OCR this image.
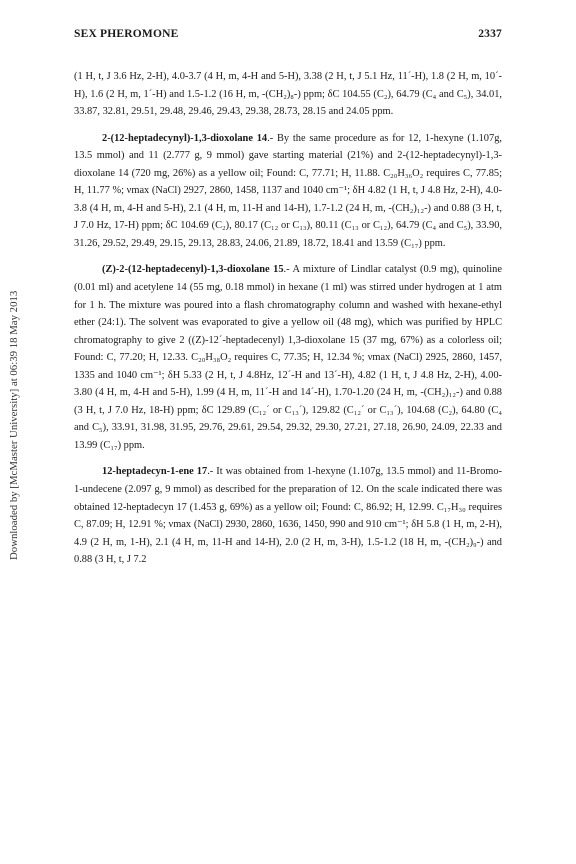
Downloaded by [McMaster University] at 06:39 18 May 2013
SEX PHEROMONE	2337

(1 H, t, J 3.6 Hz, 2-H), 4.0-3.7 (4 H, m, 4-H and 5-H), 3.38 (2 H, t, J 5.1 Hz, 11´-H), 1.8 (2 H, m, 10´-H), 1.6 (2 H, m, 1´-H) and 1.5-1.2 (16 H, m, -(CH₂)₈-) ppm; δC 104.55 (C₂), 64.79 (C₄ and C₅), 34.01, 33.87, 32.81, 29.51, 29.48, 29.46, 29.43, 29.38, 28.73, 28.15 and 24.05 ppm.

2-(12-heptadecynyl)-1,3-dioxolane 14.- By the same procedure as for 12, 1-hexyne (1.107g, 13.5 mmol) and 11 (2.777 g, 9 mmol) gave starting material (21%) and 2-(12-heptadecynyl)-1,3-dioxolane 14 (720 mg, 26%) as a yellow oil; Found: C, 77.71; H, 11.88. C₂₀H₃₆O₂ requires C, 77.85; H, 11.77 %; νmax (NaCl) 2927, 2860, 1458, 1137 and 1040 cm⁻¹; δH 4.82 (1 H, t, J 4.8 Hz, 2-H), 4.0-3.8 (4 H, m, 4-H and 5-H), 2.1 (4 H, m, 11-H and 14-H), 1.7-1.2 (24 H, m, -(CH₂)₁₂-) and 0.88 (3 H, t, J 7.0 Hz, 17-H) ppm; δC 104.69 (C₂), 80.17 (C₁₂ or C₁₃), 80.11 (C₁₃ or C₁₂), 64.79 (C₄ and C₅), 33.90, 31.26, 29.52, 29.49, 29.15, 29.13, 28.83, 24.06, 21.89, 18.72, 18.41 and 13.59 (C₁₇) ppm.

(Z)-2-(12-heptadecenyl)-1,3-dioxolane 15.- A mixture of Lindlar catalyst (0.9 mg), quinoline (0.01 ml) and acetylene 14 (55 mg, 0.18 mmol) in hexane (1 ml) was stirred under hydrogen at 1 atm for 1 h. The mixture was poured into a flash chromatography column and washed with hexane-ethyl ether (24:1). The solvent was evaporated to give a yellow oil (48 mg), which was purified by HPLC chromatography to give 2 ((Z)-12´-heptadecenyl) 1,3-dioxolane 15 (37 mg, 67%) as a colorless oil; Found: C, 77.20; H, 12.33. C₂₀H₃₈O₂ requires C, 77.35; H, 12.34 %; νmax (NaCl) 2925, 2860, 1457, 1335 and 1040 cm⁻¹; δH 5.33 (2 H, t, J 4.8Hz, 12´-H and 13´-H), 4.82 (1 H, t, J 4.8 Hz, 2-H), 4.00-3.80 (4 H, m, 4-H and 5-H), 1.99 (4 H, m, 11´-H and 14´-H), 1.70-1.20 (24 H, m, -(CH₂)₁₂-) and 0.88 (3 H, t, J 7.0 Hz, 18-H) ppm; δC 129.89 (C₁₂´ or C₁₃´), 129.82 (C₁₂´ or C₁₃´), 104.68 (C₂), 64.80 (C₄ and C₅), 33.91, 31.98, 31.95, 29.76, 29.61, 29.54, 29.32, 29.30, 27.21, 27.18, 26.90, 24.09, 22.33 and 13.99 (C₁₇) ppm.

12-heptadecyn-1-ene 17.- It was obtained from 1-hexyne (1.107g, 13.5 mmol) and 11-Bromo-1-undecene (2.097 g, 9 mmol) as described for the preparation of 12. On the scale indicated there was obtained 12-heptadecyn 17 (1.453 g, 69%) as a yellow oil; Found: C, 86.92; H, 12.99. C₁₇H₃₀ requires C, 87.09; H, 12.91 %; νmax (NaCl) 2930, 2860, 1636, 1450, 990 and 910 cm⁻¹; δH 5.8 (1 H, m, 2-H), 4.9 (2 H, m, 1-H), 2.1 (4 H, m, 11-H and 14-H), 2.0 (2 H, m, 3-H), 1.5-1.2 (18 H, m, -(CH₂)₉-) and 0.88 (3 H, t, J 7.2
